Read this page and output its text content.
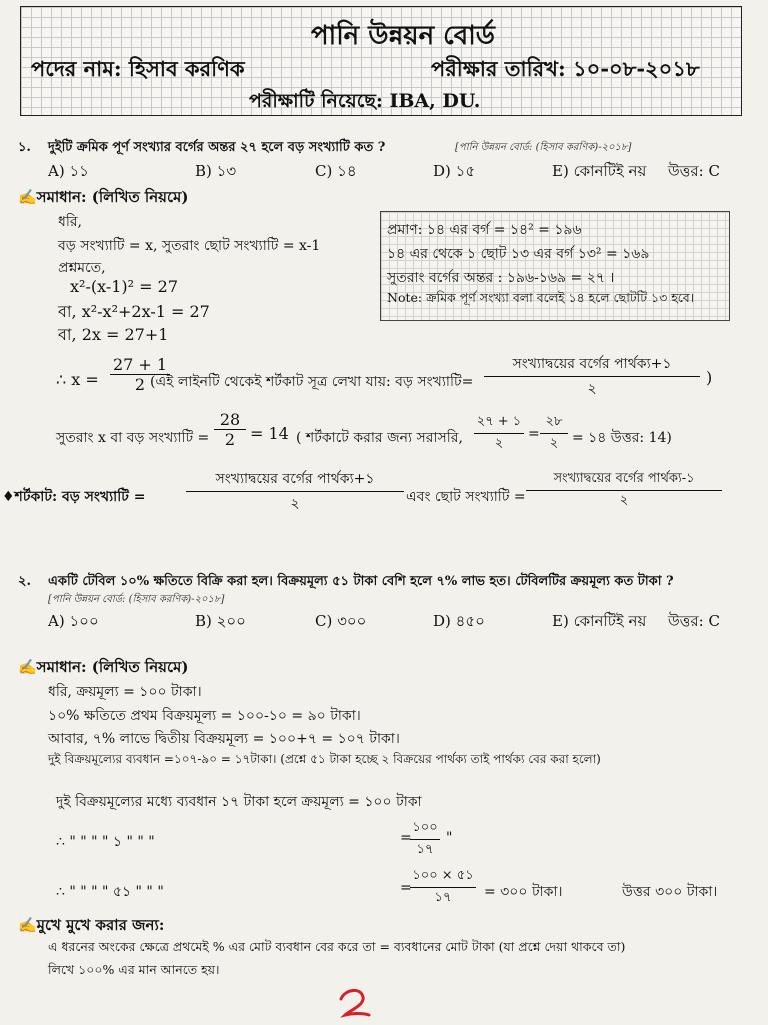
পানি উন্নয়ন বোর্ড
পদের নাম: হিসাব করণিক	পরীক্ষার তারিখ: ১০-০৮-২০১৮
পরীক্ষাটি নিয়েছে: IBA, DU.
১. দুইটি ক্রমিক পূর্ণ সংখ্যার বর্গের অন্তর ২৭ হলে বড় সংখ্যাটি কত ?	[পানি উন্নয়ন বোর্ড: (হিসাব করণিক)-২০১৮]
A) ১১	B) ১৩	C) ১৪	D) ১৫	E) কোনটিই নয় উত্তর: C
✍সমাধান: (লিখিত নিয়মে)
ধরি,
বড় সংখ্যাটি = x, সুতরাং ছোট সংখ্যাটি = x-1
প্রশ্নমতে,
x²-(x-1)² = 27
বা, x²-x²+2x-1 = 27
বা, 2x = 27+1
প্রমাণ: ১৪ এর বর্গ = ১৪² = ১৯৬
১৪ এর থেকে ১ ছোট ১৩ এর বর্গ ১৩² = ১৬৯
সুতরাং বর্গের অন্তর : ১৯৬-১৬৯ = ২৭ ।
Note: ক্রমিক পূর্ণ সংখ্যা বলা বলেই ১৪ হলে ছোটটি ১৩ হবে।
∴ $x = \frac{27 + 1}{2}$
(এই লাইনটি থেকেই শর্টকাট সূত্র লেখা যায়: বড় সংখ্যাটি=
সংখ্যাদ্বয়ের বর্গের পার্থক্য+১
২
)
সুতরাং x বা বড় সংখ্যাটি = $\frac{28}{2} = 14$ ( শর্টকাটে করার জন্য সরাসরি,
২৭ + ১
২
=
২৮
২ = ১৪ উত্তর: 14)
♦শর্টকাট: বড় সংখ্যাটি =
সংখ্যাদ্বয়ের বর্গের পার্থক্য+১
২	এবং ছোট সংখ্যাটি =
সংখ্যাদ্বয়ের বর্গের পার্থক্য-১
২
২. একটি টেবিল ১০% ক্ষতিতে বিক্রি করা হল। বিক্রয়মূল্য ৫১ টাকা বেশি হলে ৭% লাভ হত। টেবিলটির ক্রয়মূল্য কত টাকা ?
[পানি উন্নয়ন বোর্ড: (হিসাব করণিক)-২০১৮]
A) ১০০	B) ২০০	C) ৩০০	D) ৪৫০	E) কোনটিই নয় উত্তর: C
✍সমাধান: (লিখিত নিয়মে)
ধরি, ক্রয়মূল্য = ১০০ টাকা।
১০% ক্ষতিতে প্রথম বিক্রয়মূল্য = ১০০-১০ = ৯০ টাকা।
আবার, ৭% লাভে দ্বিতীয় বিক্রয়মূল্য = ১০০+৭ = ১০৭ টাকা।
দুই বিক্রয়মূল্যের ব্যবধান =১০৭-৯০ = ১৭টাকা। (প্রশ্নে ৫১ টাকা হচ্ছে ২ বিক্রয়ের পার্থক্য তাই পার্থক্য বের করা হলো)
দুই বিক্রয়মূল্যের মধ্যে ব্যবধান ১৭ টাকা হলে ক্রয়মূল্য = ১০০ টাকা
∴ " " " " ১ " " "	=
১০০
১৭
"
∴ " " " " ৫১ " " "	=
১০০ × ৫১
১৭	= ৩০০ টাকা।	উত্তর ৩০০ টাকা।
✍মুখে মুখে করার জন্য:
এ ধরনের অংকের ক্ষেত্রে প্রথমেই % এর মোট ব্যবধান বের করে তা = ব্যবধানের মোট টাকা (যা প্রশ্নে দেয়া থাকবে তা)
লিখে ১০০% এর মান আনতে হয়।
